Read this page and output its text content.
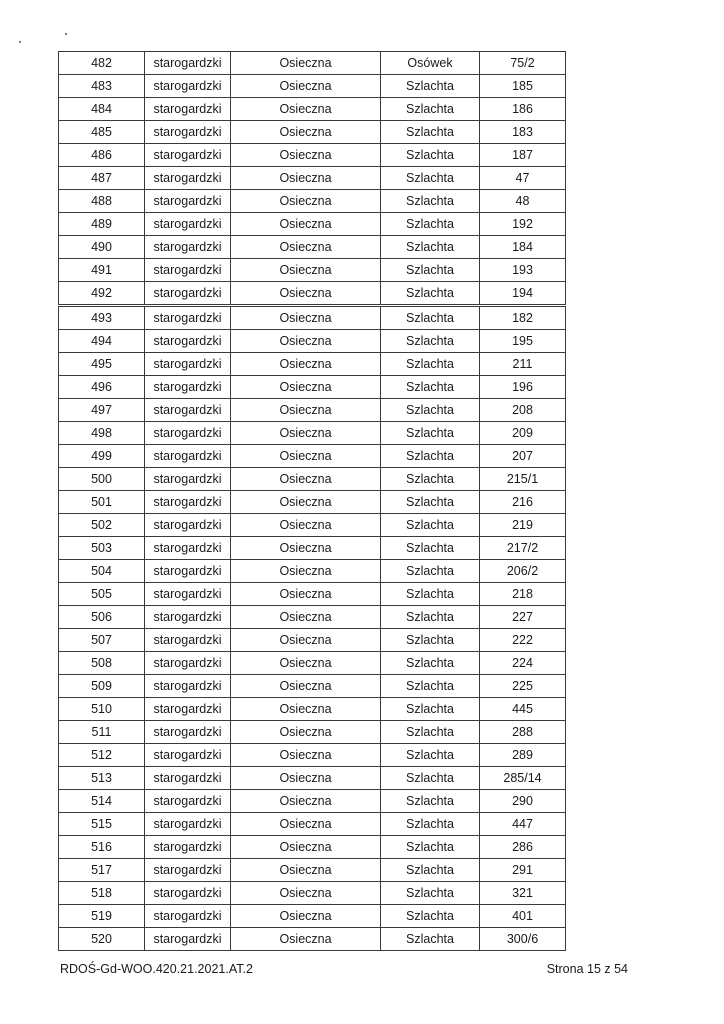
482	starogardzki	Osieczna	Osówek	75/2
483	starogardzki	Osieczna	Szlachta	185
484	starogardzki	Osieczna	Szlachta	186
485	starogardzki	Osieczna	Szlachta	183
486	starogardzki	Osieczna	Szlachta	187
487	starogardzki	Osieczna	Szlachta	47
488	starogardzki	Osieczna	Szlachta	48
489	starogardzki	Osieczna	Szlachta	192
490	starogardzki	Osieczna	Szlachta	184
491	starogardzki	Osieczna	Szlachta	193
492	starogardzki	Osieczna	Szlachta	194
493	starogardzki	Osieczna	Szlachta	182
494	starogardzki	Osieczna	Szlachta	195
495	starogardzki	Osieczna	Szlachta	211
496	starogardzki	Osieczna	Szlachta	196
497	starogardzki	Osieczna	Szlachta	208
498	starogardzki	Osieczna	Szlachta	209
499	starogardzki	Osieczna	Szlachta	207
500	starogardzki	Osieczna	Szlachta	215/1
501	starogardzki	Osieczna	Szlachta	216
502	starogardzki	Osieczna	Szlachta	219
503	starogardzki	Osieczna	Szlachta	217/2
504	starogardzki	Osieczna	Szlachta	206/2
505	starogardzki	Osieczna	Szlachta	218
506	starogardzki	Osieczna	Szlachta	227
507	starogardzki	Osieczna	Szlachta	222
508	starogardzki	Osieczna	Szlachta	224
509	starogardzki	Osieczna	Szlachta	225
510	starogardzki	Osieczna	Szlachta	445
511	starogardzki	Osieczna	Szlachta	288
512	starogardzki	Osieczna	Szlachta	289
513	starogardzki	Osieczna	Szlachta	285/14
514	starogardzki	Osieczna	Szlachta	290
515	starogardzki	Osieczna	Szlachta	447
516	starogardzki	Osieczna	Szlachta	286
517	starogardzki	Osieczna	Szlachta	291
518	starogardzki	Osieczna	Szlachta	321
519	starogardzki	Osieczna	Szlachta	401
520	starogardzki	Osieczna	Szlachta	300/6
RDOŚ-Gd-WOO.420.21.2021.AT.2	Strona 15 z 54
